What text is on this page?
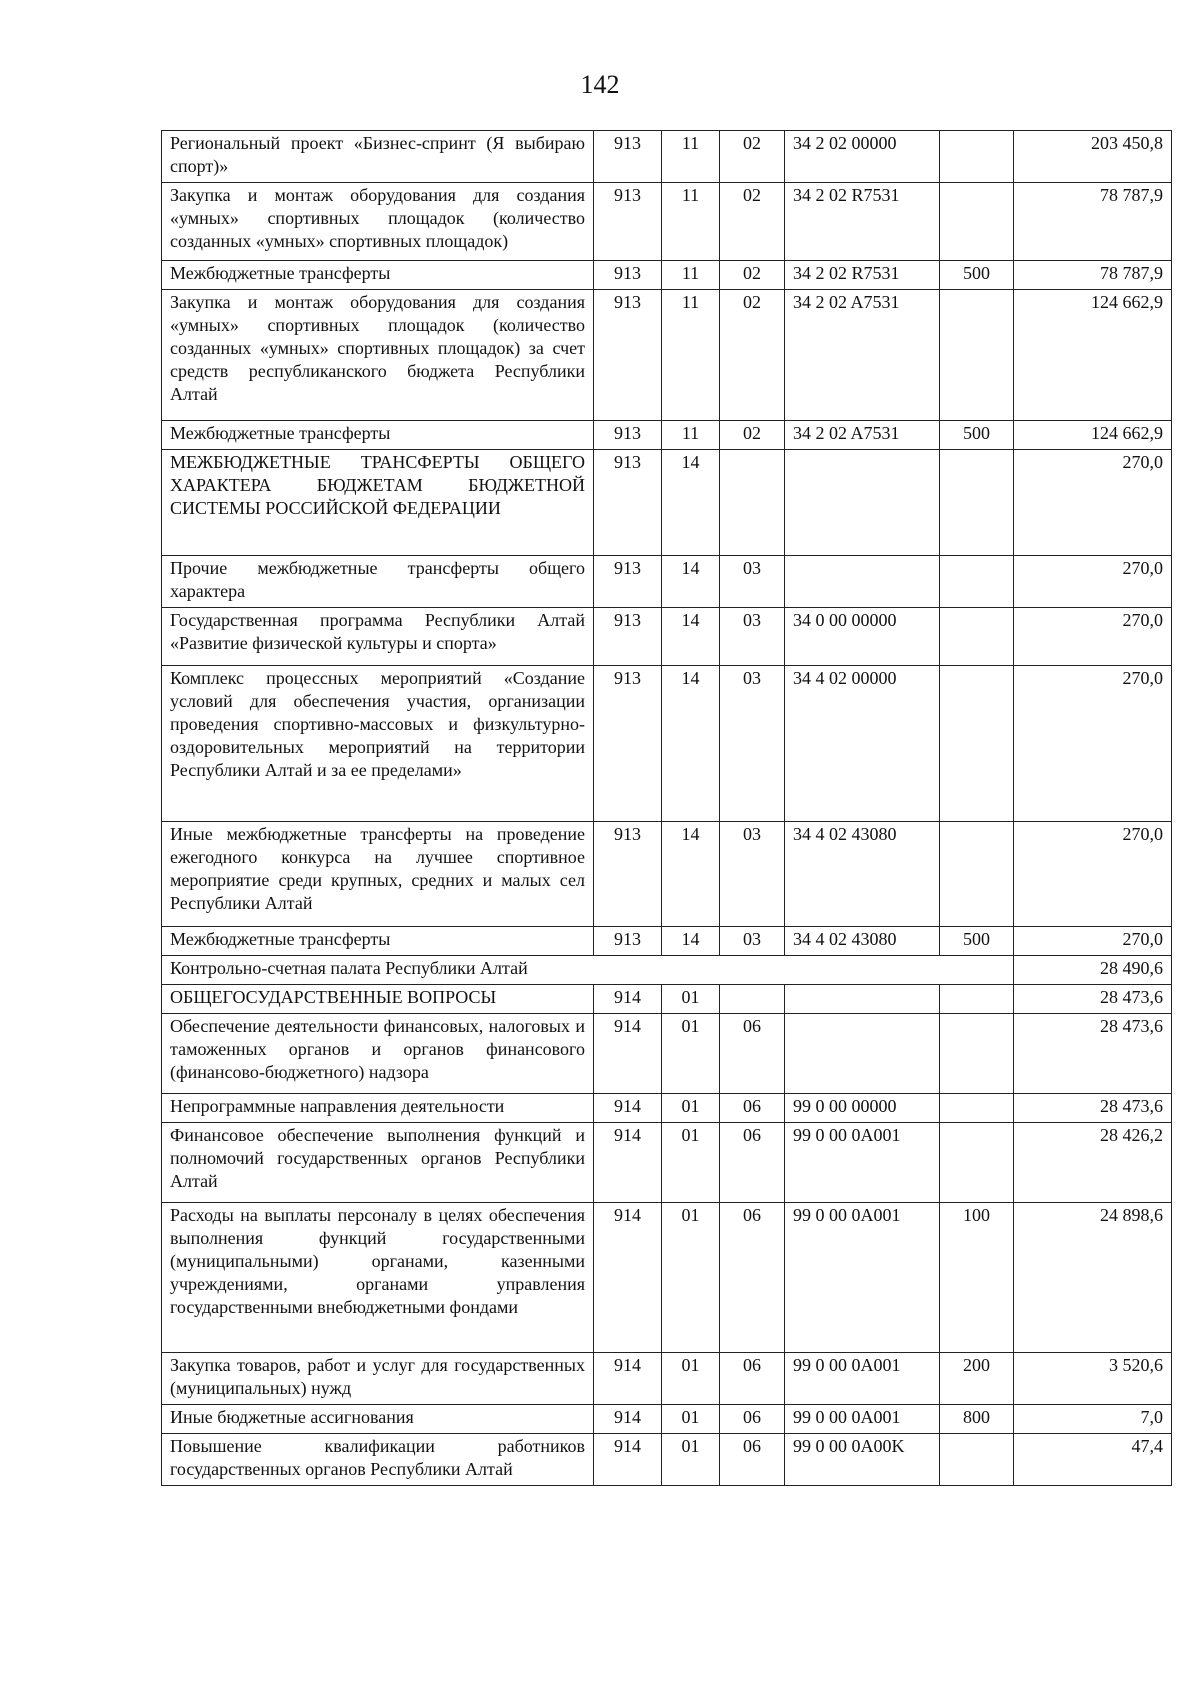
142
Региональный проект «Бизнес-спринт (Я выбираю спорт)»	913	11	02	34 2 02 00000		203 450,8
Закупка и монтаж оборудования для создания «умных» спортивных площадок (количество созданных «умных» спортивных площадок)	913	11	02	34 2 02 R7531		78 787,9
Межбюджетные трансферты	913	11	02	34 2 02 R7531	500	78 787,9
Закупка и монтаж оборудования для создания «умных» спортивных площадок (количество созданных «умных» спортивных площадок) за счет средств республиканского бюджета Республики Алтай	913	11	02	34 2 02 A7531		124 662,9
Межбюджетные трансферты	913	11	02	34 2 02 A7531	500	124 662,9
МЕЖБЮДЖЕТНЫЕ ТРАНСФЕРТЫ ОБЩЕГО ХАРАКТЕРА БЮДЖЕТАМ БЮДЖЕТНОЙ СИСТЕМЫ РОССИЙСКОЙ ФЕДЕРАЦИИ	913	14				270,0
Прочие межбюджетные трансферты общего характера	913	14	03			270,0
Государственная программа Республики Алтай «Развитие физической культуры и спорта»	913	14	03	34 0 00 00000		270,0
Комплекс процессных мероприятий «Создание условий для обеспечения участия, организации проведения спортивно-массовых и физкультурно-оздоровительных мероприятий на территории Республики Алтай и за ее пределами»	913	14	03	34 4 02 00000		270,0
Иные межбюджетные трансферты на проведение ежегодного конкурса на лучшее спортивное мероприятие среди крупных, средних и малых сел Республики Алтай	913	14	03	34 4 02 43080		270,0
Межбюджетные трансферты	913	14	03	34 4 02 43080	500	270,0
Контрольно-счетная палата Республики Алтай						28 490,6
ОБЩЕГОСУДАРСТВЕННЫЕ ВОПРОСЫ	914	01				28 473,6
Обеспечение деятельности финансовых, налоговых и таможенных органов и органов финансового (финансово-бюджетного) надзора	914	01	06			28 473,6
Непрограммные направления деятельности	914	01	06	99 0 00 00000		28 473,6
Финансовое обеспечение выполнения функций и полномочий государственных органов Республики Алтай	914	01	06	99 0 00 0A001		28 426,2
Расходы на выплаты персоналу в целях обеспечения выполнения функций государственными (муниципальными) органами, казенными учреждениями, органами управления государственными внебюджетными фондами	914	01	06	99 0 00 0A001	100	24 898,6
Закупка товаров, работ и услуг для государственных (муниципальных) нужд	914	01	06	99 0 00 0A001	200	3 520,6
Иные бюджетные ассигнования	914	01	06	99 0 00 0A001	800	7,0
Повышение квалификации работников государственных органов Республики Алтай	914	01	06	99 0 00 0A00K		47,4
